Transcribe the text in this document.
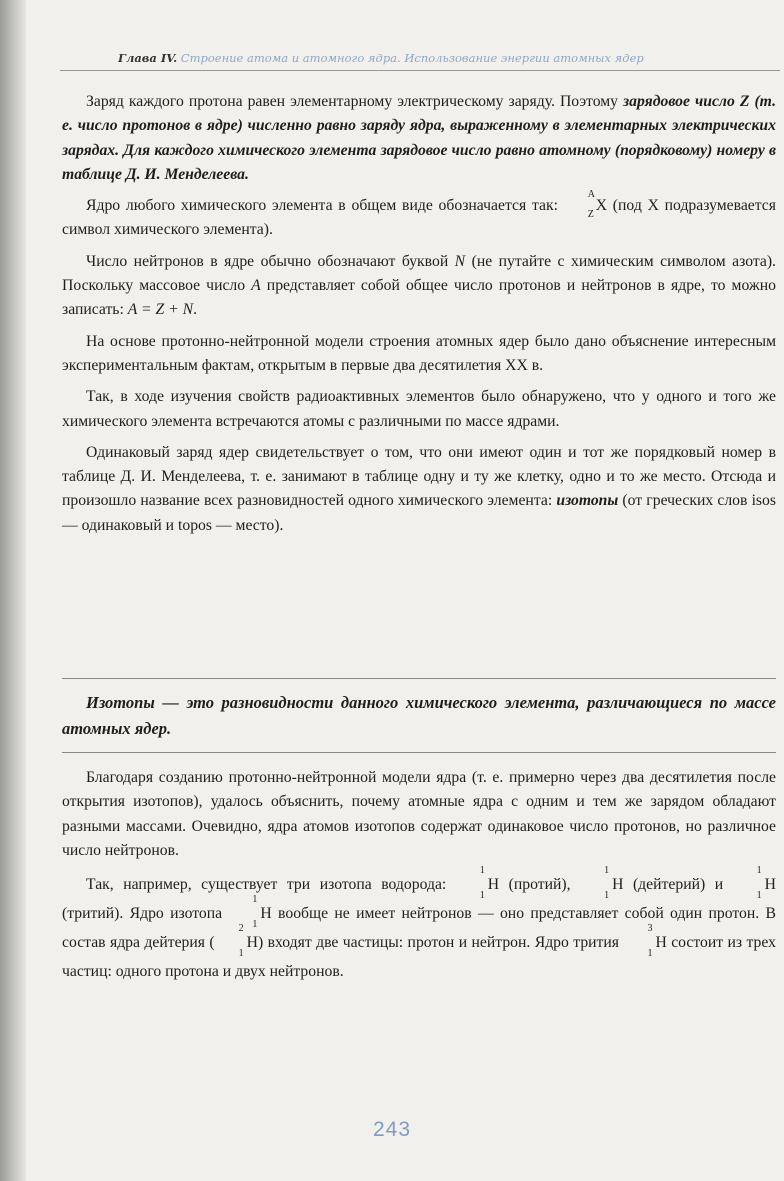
Глава IV. Строение атома и атомного ядра. Использование энергии атомных ядер

Заряд каждого протона равен элементарному электрическому заряду. Поэтому зарядовое число Z (т. е. число протонов в ядре) численно равно заряду ядра, выраженному в элементарных электрических зарядах. Для каждого химического элемента зарядовое число равно атомному (порядковому) номеру в таблице Д. И. Менделеева.

Ядро любого химического элемента в общем виде обозначается так:
A
Z
X (под X подразумевается символ химического элемента).

Число нейтронов в ядре обычно обозначают буквой N (не путайте с химическим символом азота). Поскольку массовое число A представляет собой общее число протонов и нейтронов в ядре, то можно записать: A = Z + N.

На основе протонно-нейтронной модели строения атомных ядер было дано объяснение интересным экспериментальным фактам, открытым в первые два десятилетия XX в.

Так, в ходе изучения свойств радиоактивных элементов было обнаружено, что у одного и того же химического элемента встречаются атомы с различными по массе ядрами.

Одинаковый заряд ядер свидетельствует о том, что они имеют один и тот же порядковый номер в таблице Д. И. Менделеева, т. е. занимают в таблице одну и ту же клетку, одно и то же место. Отсюда и произошло название всех разновидностей одного химического элемента: изотопы (от греческих слов isos — одинаковый и topos — место).

Изотопы — это разновидности данного химического элемента, различающиеся по массе атомных ядер.

Благодаря созданию протонно-нейтронной модели ядра (т. е. примерно через два десятилетия после открытия изотопов), удалось объяснить, почему атомные ядра с одним и тем же зарядом обладают разными массами. Очевидно, ядра атомов изотопов содержат одинаковое число протонов, но различное число нейтронов.

Так, например, существует три изотопа водорода:
1
1
H (протий),
1
1
H (дейтерий) и
1
1
H (тритий). Ядро изотопа
1
1
H вообще не имеет нейтронов — оно представляет собой один протон. В состав ядра дейтерия (
2
1
H) входят две частицы: протон и нейтрон. Ядро трития
3
1
H состоит из трех частиц: одного протона и двух нейтронов.

243
